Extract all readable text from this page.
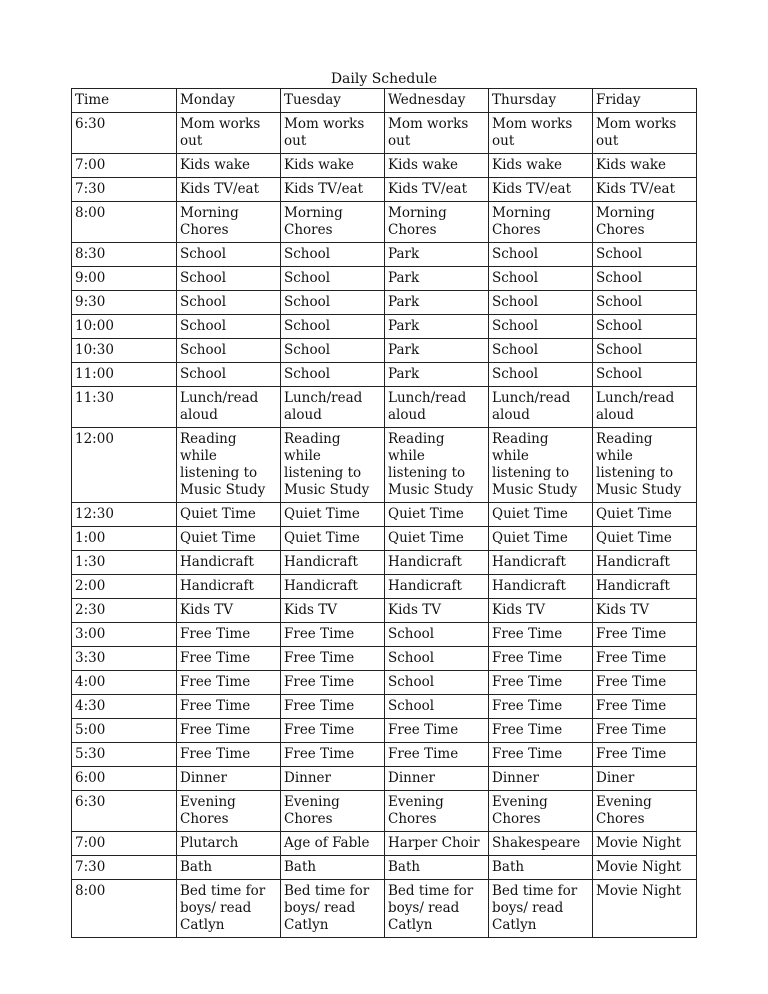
Daily Schedule
Time	Monday	Tuesday	Wednesday	Thursday	Friday
6:30	Mom works out	Mom works out	Mom works out	Mom works out	Mom works out
7:00	Kids wake	Kids wake	Kids wake	Kids wake	Kids wake
7:30	Kids TV/eat	Kids TV/eat	Kids TV/eat	Kids TV/eat	Kids TV/eat
8:00	Morning Chores	Morning Chores	Morning Chores	Morning Chores	Morning Chores
8:30	School	School	Park	School	School
9:00	School	School	Park	School	School
9:30	School	School	Park	School	School
10:00	School	School	Park	School	School
10:30	School	School	Park	School	School
11:00	School	School	Park	School	School
11:30	Lunch/read aloud	Lunch/read aloud	Lunch/read aloud	Lunch/read aloud	Lunch/read aloud
12:00	Reading while listening to Music Study	Reading while listening to Music Study	Reading while listening to Music Study	Reading while listening to Music Study	Reading while listening to Music Study
12:30	Quiet Time	Quiet Time	Quiet Time	Quiet Time	Quiet Time
1:00	Quiet Time	Quiet Time	Quiet Time	Quiet Time	Quiet Time
1:30	Handicraft	Handicraft	Handicraft	Handicraft	Handicraft
2:00	Handicraft	Handicraft	Handicraft	Handicraft	Handicraft
2:30	Kids TV	Kids TV	Kids TV	Kids TV	Kids TV
3:00	Free Time	Free Time	School	Free Time	Free Time
3:30	Free Time	Free Time	School	Free Time	Free Time
4:00	Free Time	Free Time	School	Free Time	Free Time
4:30	Free Time	Free Time	School	Free Time	Free Time
5:00	Free Time	Free Time	Free Time	Free Time	Free Time
5:30	Free Time	Free Time	Free Time	Free Time	Free Time
6:00	Dinner	Dinner	Dinner	Dinner	Diner
6:30	Evening Chores	Evening Chores	Evening Chores	Evening Chores	Evening Chores
7:00	Plutarch	Age of Fable	Harper Choir	Shakespeare	Movie Night
7:30	Bath	Bath	Bath	Bath	Movie Night
8:00	Bed time for boys/ read Catlyn	Bed time for boys/ read Catlyn	Bed time for boys/ read Catlyn	Bed time for boys/ read Catlyn	Movie Night
